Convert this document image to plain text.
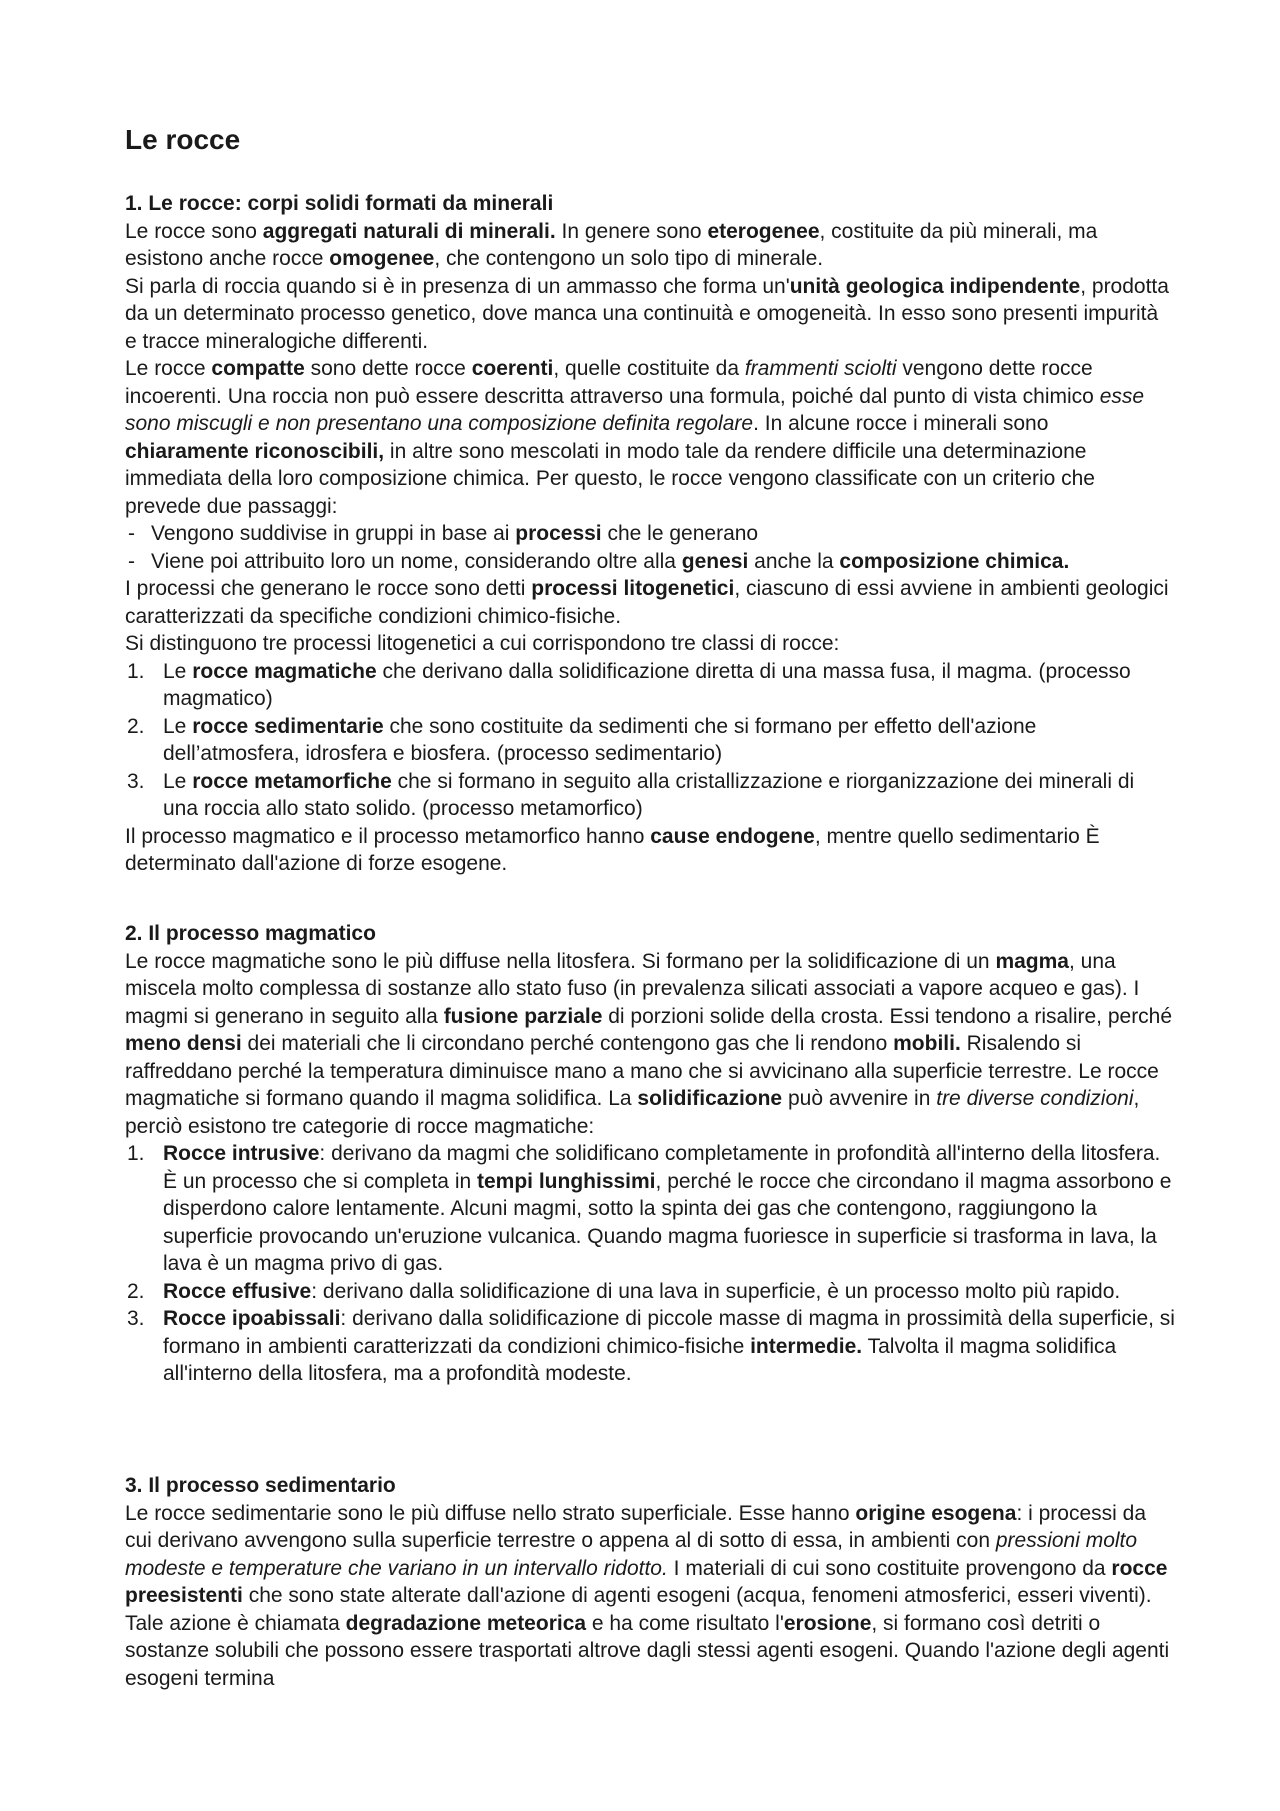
Le rocce

1. Le rocce: corpi solidi formati da minerali

Le rocce sono aggregati naturali di minerali. In genere sono eterogenee, costituite da più minerali, ma esistono anche rocce omogenee, che contengono un solo tipo di minerale.

Si parla di roccia quando si è in presenza di un ammasso che forma un'unità geologica indipendente, prodotta da un determinato processo genetico, dove manca una continuità e omogeneità. In esso sono presenti impurità e tracce mineralogiche differenti.

Le rocce compatte sono dette rocce coerenti, quelle costituite da frammenti sciolti vengono dette rocce incoerenti. Una roccia non può essere descritta attraverso una formula, poiché dal punto di vista chimico esse sono miscugli e non presentano una composizione definita regolare. In alcune rocce i minerali sono chiaramente riconoscibili, in altre sono mescolati in modo tale da rendere difficile una determinazione immediata della loro composizione chimica. Per questo, le rocce vengono classificate con un criterio che prevede due passaggi:

- Vengono suddivise in gruppi in base ai processi che le generano
- Viene poi attribuito loro un nome, considerando oltre alla genesi anche la composizione chimica.

I processi che generano le rocce sono detti processi litogenetici, ciascuno di essi avviene in ambienti geologici caratterizzati da specifiche condizioni chimico-fisiche.

Si distinguono tre processi litogenetici a cui corrispondono tre classi di rocce:

1. Le rocce magmatiche che derivano dalla solidificazione diretta di una massa fusa, il magma. (processo magmatico)
2. Le rocce sedimentarie che sono costituite da sedimenti che si formano per effetto dell'azione dell’atmosfera, idrosfera e biosfera. (processo sedimentario)
3. Le rocce metamorfiche che si formano in seguito alla cristallizzazione e riorganizzazione dei minerali di una roccia allo stato solido. (processo metamorfico)

Il processo magmatico e il processo metamorfico hanno cause endogene, mentre quello sedimentario È determinato dall'azione di forze esogene.

2. Il processo magmatico

Le rocce magmatiche sono le più diffuse nella litosfera. Si formano per la solidificazione di un magma, una miscela molto complessa di sostanze allo stato fuso (in prevalenza silicati associati a vapore acqueo e gas). I magmi si generano in seguito alla fusione parziale di porzioni solide della crosta. Essi tendono a risalire, perché meno densi dei materiali che li circondano perché contengono gas che li rendono mobili. Risalendo si raffreddano perché la temperatura diminuisce mano a mano che si avvicinano alla superficie terrestre. Le rocce magmatiche si formano quando il magma solidifica. La solidificazione può avvenire in tre diverse condizioni, perciò esistono tre categorie di rocce magmatiche:

1. Rocce intrusive: derivano da magmi che solidificano completamente in profondità all'interno della litosfera. È un processo che si completa in tempi lunghissimi, perché le rocce che circondano il magma assorbono e disperdono calore lentamente. Alcuni magmi, sotto la spinta dei gas che contengono, raggiungono la superficie provocando un'eruzione vulcanica. Quando magma fuoriesce in superficie si trasforma in lava, la lava è un magma privo di gas.
2. Rocce effusive: derivano dalla solidificazione di una lava in superficie, è un processo molto più rapido.
3. Rocce ipoabissali: derivano dalla solidificazione di piccole masse di magma in prossimità della superficie, si formano in ambienti caratterizzati da condizioni chimico-fisiche intermedie. Talvolta il magma solidifica all'interno della litosfera, ma a profondità modeste.

3. Il processo sedimentario

Le rocce sedimentarie sono le più diffuse nello strato superficiale. Esse hanno origine esogena: i processi da cui derivano avvengono sulla superficie terrestre o appena al di sotto di essa, in ambienti con pressioni molto modeste e temperature che variano in un intervallo ridotto. I materiali di cui sono costituite provengono da rocce preesistenti che sono state alterate dall'azione di agenti esogeni (acqua, fenomeni atmosferici, esseri viventi). Tale azione è chiamata degradazione meteorica e ha come risultato l'erosione, si formano così detriti o sostanze solubili che possono essere trasportati altrove dagli stessi agenti esogeni. Quando l'azione degli agenti esogeni termina
